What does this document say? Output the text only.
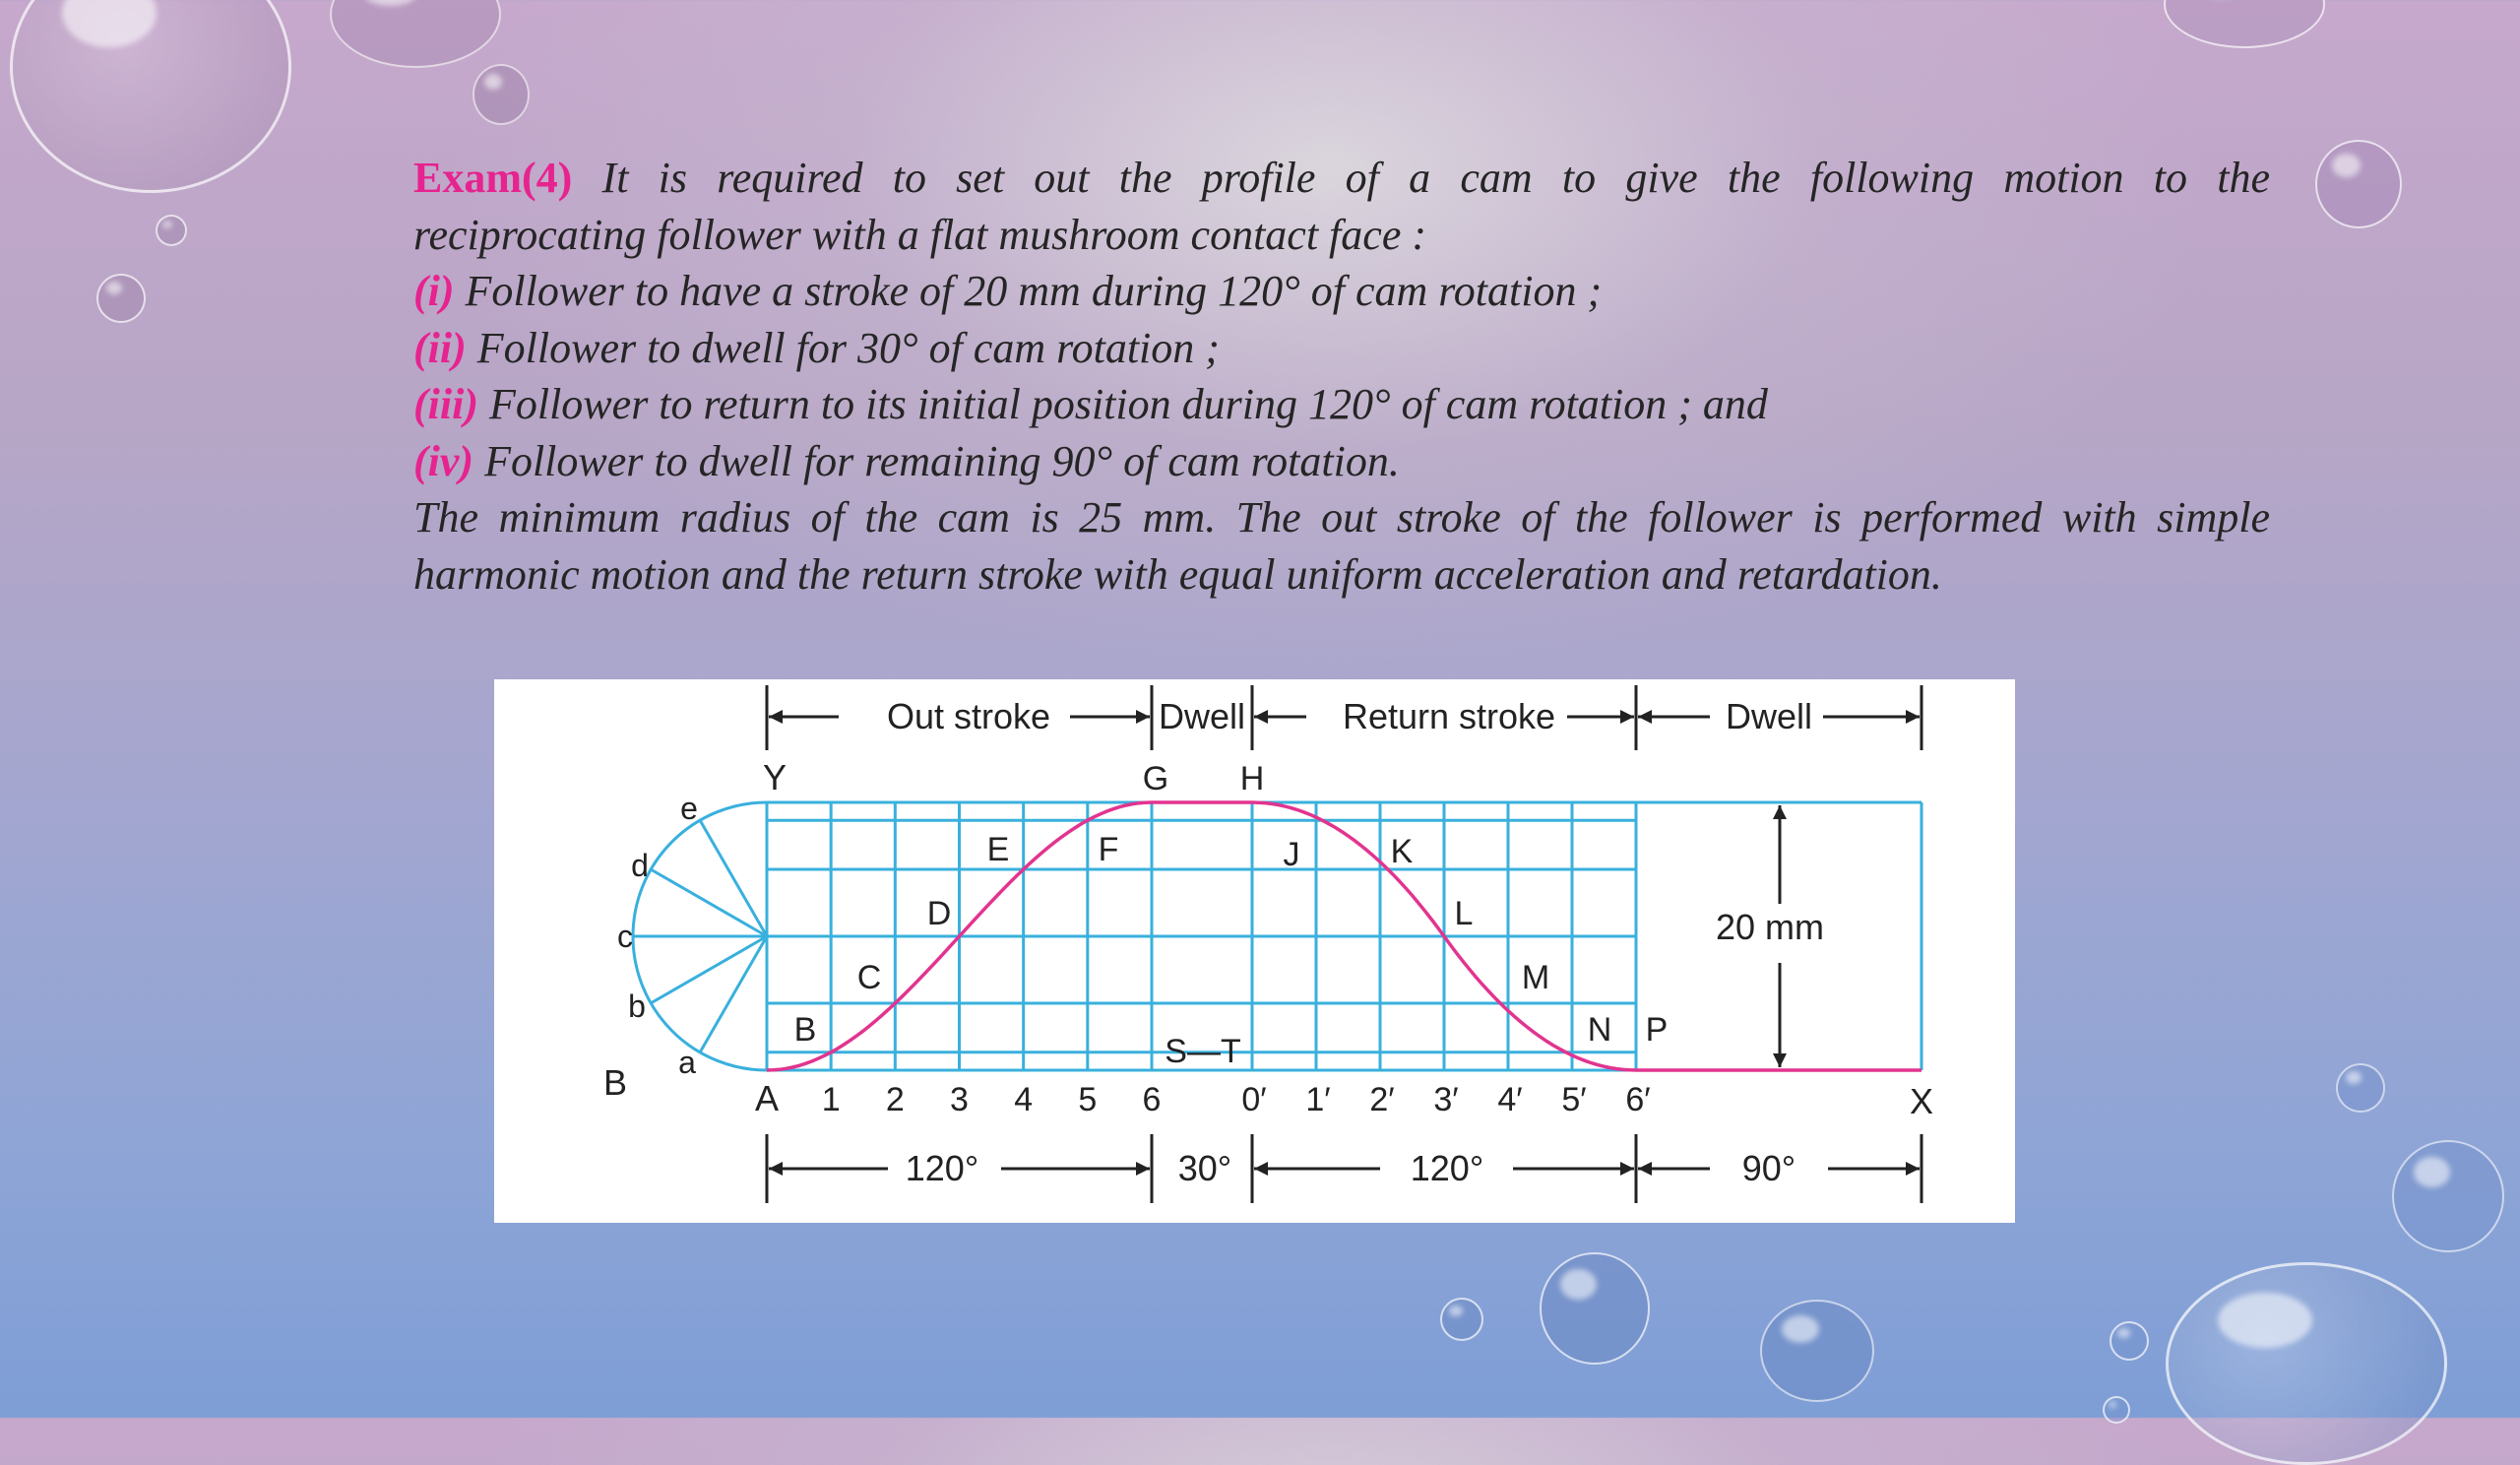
Exam(4) It is required to set out the profile of a cam to give the following motion to the

reciprocating follower with a flat mushroom contact face :

(i) Follower to have a stroke of 20 mm during 120° of cam rotation ;

(ii) Follower to dwell for 30° of cam rotation ;

(iii) Follower to return to its initial position during 120° of cam rotation ; and

(iv) Follower to dwell for remaining 90° of cam rotation.

The minimum radius of the cam is 25 mm. The out stroke of the follower is performed with simple

harmonic motion and the return stroke with equal uniform acceleration and retardation.

Out stroke	Dwell	Return stroke	Dwell
120°	30°	120°	90°
20 mm
Y
X
A
B a
b
c
d
e
1 2 3 4 5 6 0′ 1′ 2′ 3′ 4′ 5′ 6′
B
C
D
E	F
G H
J	K
L
M
N P
S—T
